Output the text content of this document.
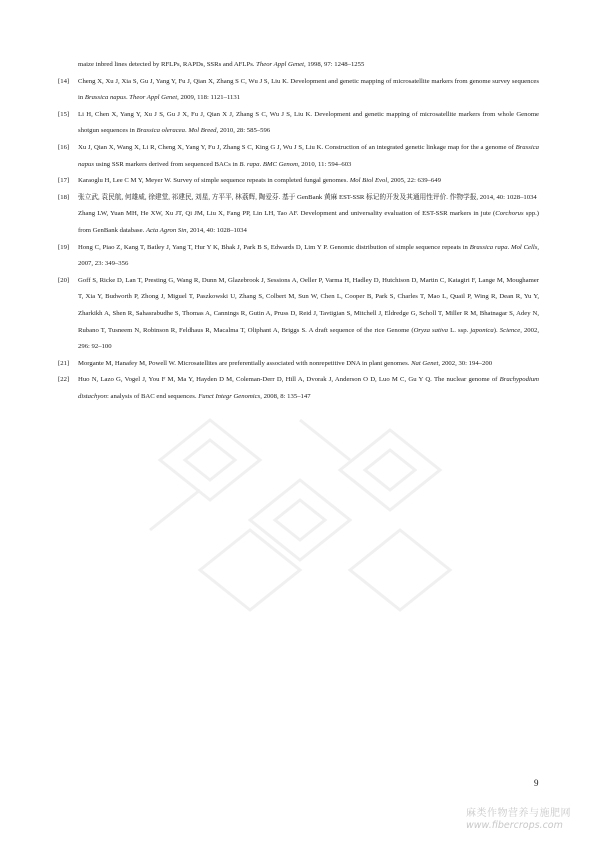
maize inbred lines detected by RFLPs, RAPDs, SSRs and AFLPs. Theor Appl Genet, 1998, 97: 1248–1255

[14]	Cheng X, Xu J, Xia S, Gu J, Yang Y, Fu J, Qian X, Zhang S C, Wu J S, Liu K. Development and genetic mapping of microsatellite markers from genome survey sequences in Brassica napus. Theor Appl Genet, 2009, 118: 1121–1131

[15]	Li H, Chen X, Yang Y, Xu J S, Gu J X, Fu J, Qian X J, Zhang S C, Wu J S, Liu K. Development and genetic mapping of microsatellite markers from whole Genome shotgun sequences in Brassica oleracea. Mol Breed, 2010, 28: 585–596

[16]	Xu J, Qian X, Wang X, Li R, Cheng X, Yang Y, Fu J, Zhang S C, King G J, Wu J S, Liu K. Construction of an integrated genetic linkage map for the a genome of Brassica napus using SSR markers derived from sequenced BACs in B. rapa. BMC Genom, 2010, 11: 594–603

[17]	Karaoglu H, Lee C M Y, Meyer W. Survey of simple sequence repeats in completed fungal genomes. Mol Biol Evol, 2005, 22: 639–649

[18]	张立武, 袁民航, 何雄威, 徐建堂, 祁建民, 刘星, 方平平, 林荔辉, 陶爱芬. 基于 GenBank 黄麻 EST-SSR 标记的开发及其通用性评价. 作物学报, 2014, 40: 1028–1034

Zhang LW, Yuan MH, He XW, Xu JT, Qi JM, Liu X, Fang PP, Lin LH, Tao AF. Development and universality evaluation of EST-SSR markers in jute (Corchorus spp.) from GenBank database. Acta Agron Sin, 2014, 40: 1028–1034

[19]	Hong C, Piao Z, Kang T, Batley J, Yang T, Hur Y K, Bhak J, Park B S, Edwards D, Lim Y P. Genomic distribution of simple sequence repeats in Brassica rapa. Mol Cells, 2007, 23: 349–356

[20]	Goff S, Ricke D, Lan T, Presting G, Wang R, Dunn M, Glazebrook J, Sessions A, Oeller P, Varma H, Hadley D, Hutchison D, Martin C, Katagiri F, Lange M, Moughamer T, Xia Y, Budworth P, Zhong J, Miguel T, Paszkowski U, Zhang S, Colbert M, Sun W, Chen L, Cooper B, Park S, Charles T, Mao L, Quail P, Wing R, Dean R, Yu Y, Zharkikh A, Shen R, Sahasrabudhe S, Thomas A, Cannings R, Gutin A, Pruss D, Reid J, Tavtigian S, Mitchell J, Eldredge G, Scholl T, Miller R M, Bhatnagar S, Adey N, Rubano T, Tusneem N, Robinson R, Feldhaus R, Macalma T, Oliphant A, Briggs S. A draft sequence of the rice Genome (Oryza sativa L. ssp. japonica). Science, 2002, 296: 92–100

[21]	Morgante M, Hanafey M, Powell W. Microsatellites are preferentially associated with nonrepetitive DNA in plant genomes. Nat Genet, 2002, 30: 194–200

[22]	Huo N, Lazo G, Vogel J, You F M, Ma Y, Hayden D M, Coleman-Derr D, Hill A, Dvorak J, Anderson O D, Luo M C, Gu Y Q. The nuclear genome of Brachypodium distachyon: analysis of BAC end sequences. Funct Integr Genomics, 2008, 8: 135–147

9
麻类作物营养与施肥网
www.fibercrops.com
